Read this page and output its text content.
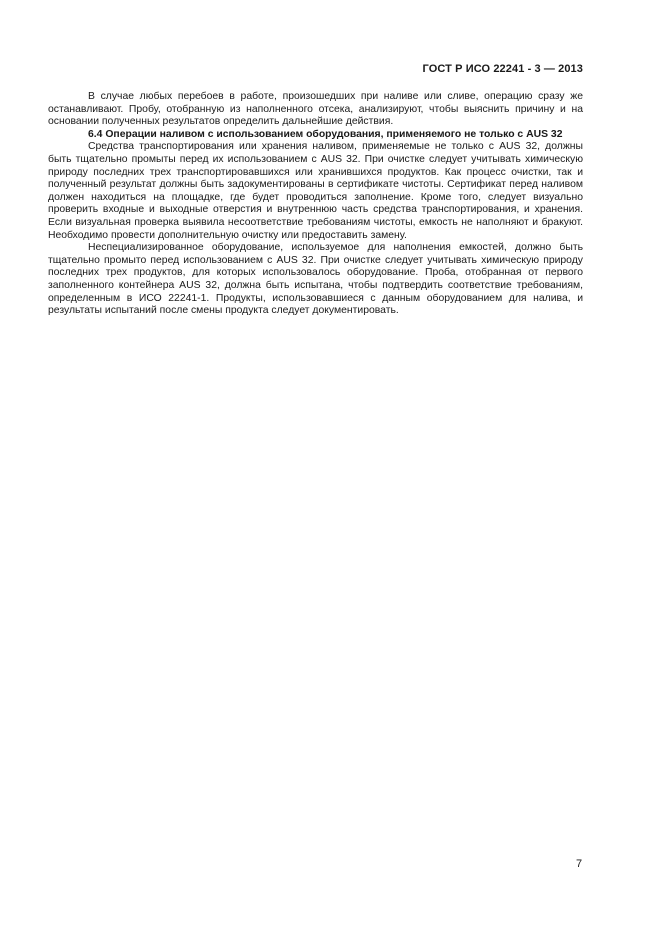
ГОСТ Р ИСО 22241 - 3 — 2013

В случае любых перебоев в работе, произошедших при наливе или сливе, операцию сразу же останавливают. Пробу, отобранную из наполненного отсека, анализируют, чтобы выяснить причину и на основании полученных результатов определить дальнейшие действия.

6.4 Операции наливом с использованием оборудования, применяемого не только с AUS 32

Средства транспортирования или хранения наливом, применяемые не только с AUS 32, должны быть тщательно промыты перед их использованием с AUS 32. При очистке следует учитывать химическую природу последних трех транспортировавшихся или хранившихся продуктов. Как процесс очистки, так и полученный результат должны быть задокументированы в сертификате чистоты. Сертификат перед наливом должен находиться на площадке, где будет проводиться заполнение. Кроме того, следует визуально проверить входные и выходные отверстия и внутреннюю часть средства транспортирования, и хранения. Если визуальная проверка выявила несоответствие требованиям чистоты, емкость не наполняют и бракуют. Необходимо провести дополнительную очистку или предоставить замену.

Неспециализированное оборудование, используемое для наполнения емкостей, должно быть тщательно промыто перед использованием с AUS 32. При очистке следует учитывать химическую природу последних трех продуктов, для которых использовалось оборудование. Проба, отобранная от первого заполненного контейнера AUS 32, должна быть испытана, чтобы подтвердить соответствие требованиям, определенным в ИСО 22241-1. Продукты, использовавшиеся с данным оборудованием для налива, и результаты испытаний после смены продукта следует документировать.

7
